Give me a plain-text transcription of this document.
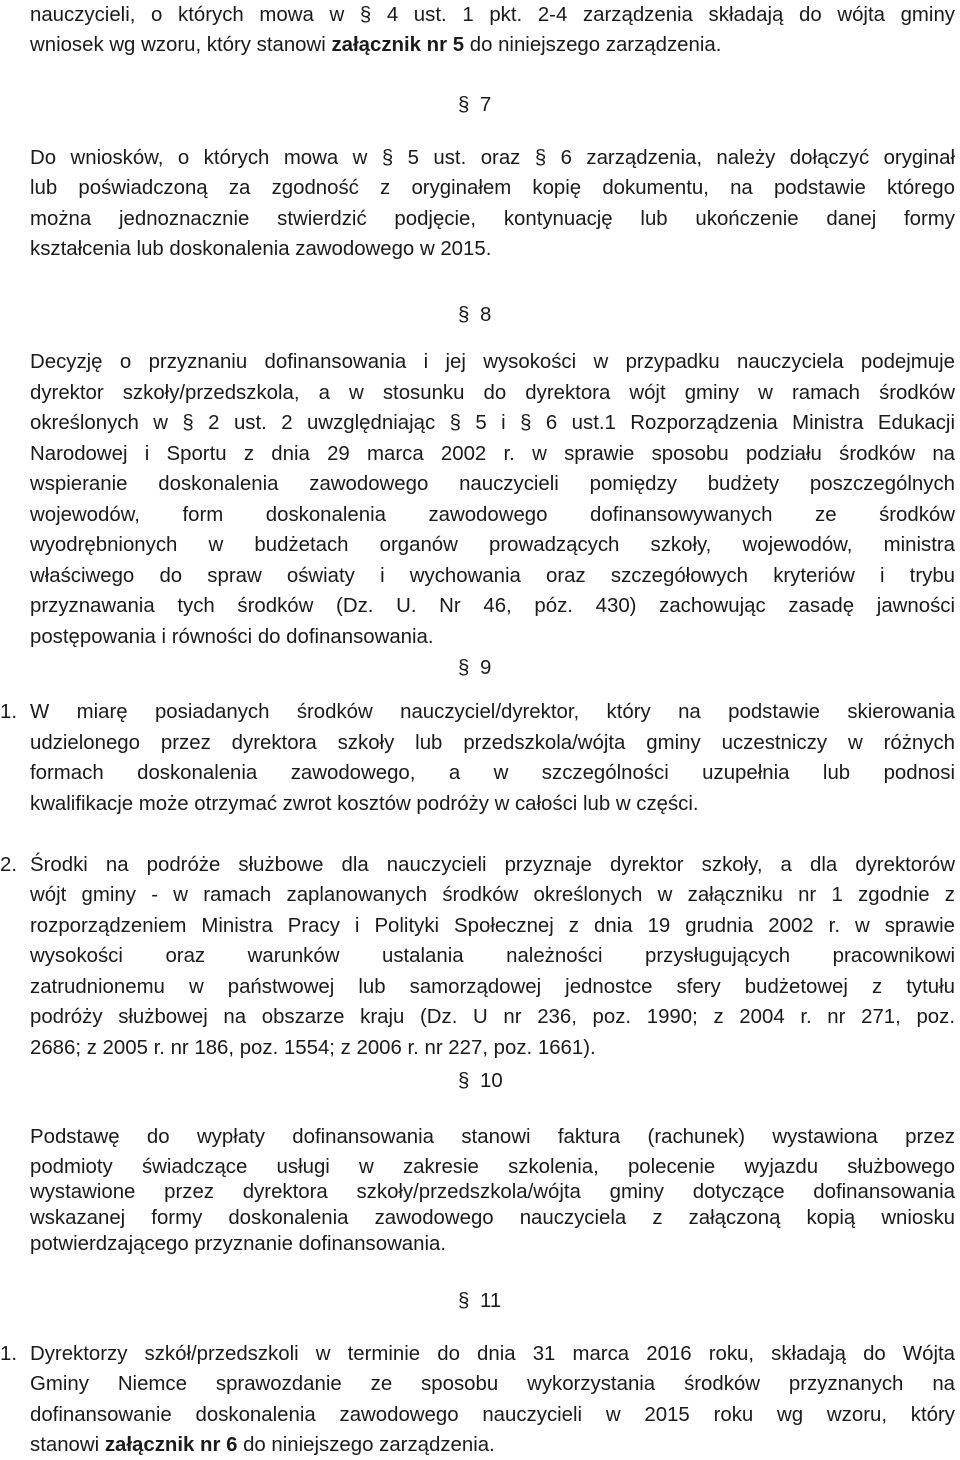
nauczycieli, o których mowa w § 4 ust. 1 pkt. 2-4 zarządzenia składają do wójta gminy
wniosek wg wzoru, który stanowi załącznik nr 5 do niniejszego zarządzenia.
§ 7
Do wniosków, o których mowa w § 5 ust. oraz § 6 zarządzenia, należy dołączyć oryginał
lub poświadczoną za zgodność z oryginałem kopię dokumentu, na podstawie którego
można jednoznacznie stwierdzić podjęcie, kontynuację lub ukończenie danej formy
kształcenia lub doskonalenia zawodowego w 2015.
§ 8
Decyzję o przyznaniu dofinansowania i jej wysokości w przypadku nauczyciela podejmuje
dyrektor szkoły/przedszkola, a w stosunku do dyrektora wójt gminy w ramach środków
określonych w § 2 ust. 2 uwzględniając § 5 i § 6 ust.1 Rozporządzenia Ministra Edukacji
Narodowej i Sportu z dnia 29 marca 2002 r. w sprawie sposobu podziału środków na
wspieranie doskonalenia zawodowego nauczycieli pomiędzy budżety poszczególnych
wojewodów, form doskonalenia zawodowego dofinansowywanych ze środków
wyodrębnionych w budżetach organów prowadzących szkoły, wojewodów, ministra
właściwego do spraw oświaty i wychowania oraz szczegółowych kryteriów i trybu
przyznawania tych środków (Dz. U. Nr 46, póz. 430) zachowując zasadę jawności
postępowania i równości do dofinansowania.
§ 9
1. W miarę posiadanych środków nauczyciel/dyrektor, który na podstawie skierowania
udzielonego przez dyrektora szkoły lub przedszkola/wójta gminy uczestniczy w różnych
formach doskonalenia zawodowego, a w szczególności uzupełnia lub podnosi
kwalifikacje może otrzymać zwrot kosztów podróży w całości lub w części.
2. Środki na podróże służbowe dla nauczycieli przyznaje dyrektor szkoły, a dla dyrektorów
wójt gminy - w ramach zaplanowanych środków określonych w załączniku nr 1 zgodnie z
rozporządzeniem Ministra Pracy i Polityki Społecznej z dnia 19 grudnia 2002 r. w sprawie
wysokości oraz warunków ustalania należności przysługujących pracownikowi
zatrudnionemu w państwowej lub samorządowej jednostce sfery budżetowej z tytułu
podróży służbowej na obszarze kraju (Dz. U nr 236, poz. 1990; z 2004 r. nr 271, poz.
2686; z 2005 r. nr 186, poz. 1554; z 2006 r. nr 227, poz. 1661).
§ 10
Podstawę do wypłaty dofinansowania stanowi faktura (rachunek) wystawiona przez
podmioty świadczące usługi w zakresie szkolenia, polecenie wyjazdu służbowego
wystawione przez dyrektora szkoły/przedszkola/wójta gminy dotyczące dofinansowania
wskazanej formy doskonalenia zawodowego nauczyciela z załączoną kopią wniosku
potwierdzającego przyznanie dofinansowania.
§ 11
1. Dyrektorzy szkół/przedszkoli w terminie do dnia 31 marca 2016 roku, składają do Wójta
Gminy Niemce sprawozdanie ze sposobu wykorzystania środków przyznanych na
dofinansowanie doskonalenia zawodowego nauczycieli w 2015 roku wg wzoru, który
stanowi załącznik nr 6 do niniejszego zarządzenia.
